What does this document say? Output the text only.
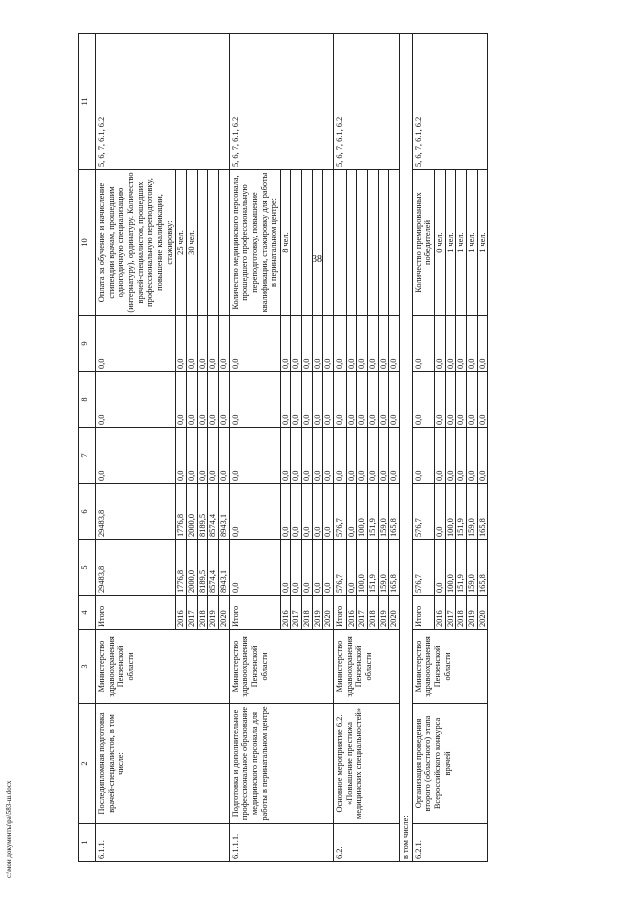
38
c:\мои документы\ра\583-ш.docx	1	2	3	4	5	6	7	8	9	10	11
6.1.1.	Последипломная подготовка врачей-специалистов, в том числе:	Министерство здравоохранения Пензенской области	Итого	29483,8	29483,8	0,0	0,0	0,0	Оплата за обучение и начисление стипендии врачам, прошедшим одногодичную специализацию (интернатуру), ординатуру. Количество врачей-специалистов, прошедших профессиональную переподготовку, повышение квалификации, стажировку:	5, 6, 7, 6.1, 6.2
			2016	1776,8	1776,8	0,0	0,0	0,0	25 чел.	
			2017	2000,0	2000,0	0,0	0,0	0,0	30 чел.	
			2018	8189,5	8189,5	0,0	0,0	0,0		
			2019	8574,4	8574,4	0,0	0,0	0,0		
			2020	8943,1	8943,1	0,0	0,0	0,0		
6.1.1.1.	Подготовка и дополнительное профессиональное образование медицинского персонала для работы в перинатальном центре	Министерство здравоохранения Пензенской области	Итого	0,0	0,0	0,0	0,0	0,0	Количество медицинского персонала, прошедшего профессиональную переподготовку, повышение квалификации, стажировку для работы в перинатальном центре:	5, 6, 7, 6.1, 6.2
			2016	0,0	0,0	0,0	0,0	0,0	8 чел.	
			2017	0,0	0,0	0,0	0,0	0,0		
			2018	0,0	0,0	0,0	0,0	0,0		
			2019	0,0	0,0	0,0	0,0	0,0		
			2020	0,0	0,0	0,0	0,0	0,0		
6.2.	Основное мероприятие 6.2. «Повышение престижа медицинских специальностей»	Министерство здравоохранения Пензенской области	Итого	576,7	576,7	0,0	0,0	0,0		5, 6, 7, 6.1, 6.2
			2016	0,0	0,0	0,0	0,0	0,0		
			2017	100,0	100,0	0,0	0,0	0,0		
			2018	151,9	151,9	0,0	0,0	0,0		
			2019	159,0	159,0	0,0	0,0	0,0		
			2020	165,8	165,8	0,0	0,0	0,0		
в том числе:										
6.2.1.	Организация проведения второго (областного) этапа Всероссийского конкурса врачей	Министерство здравоохранения Пензенской области	Итого	576,7	576,7	0,0	0,0	0,0	Количество премированных победителей	5, 6, 7, 6.1, 6.2
			2016	0,0	0,0	0,0	0,0	0,0	0 чел.	
			2017	100,0	100,0	0,0	0,0	0,0	1 чел.	
			2018	151,9	151,9	0,0	0,0	0,0	1 чел.	
			2019	159,0	159,0	0,0	0,0	0,0	1 чел.	
			2020	165,8	165,8	0,0	0,0	0,0	1 чел.	
